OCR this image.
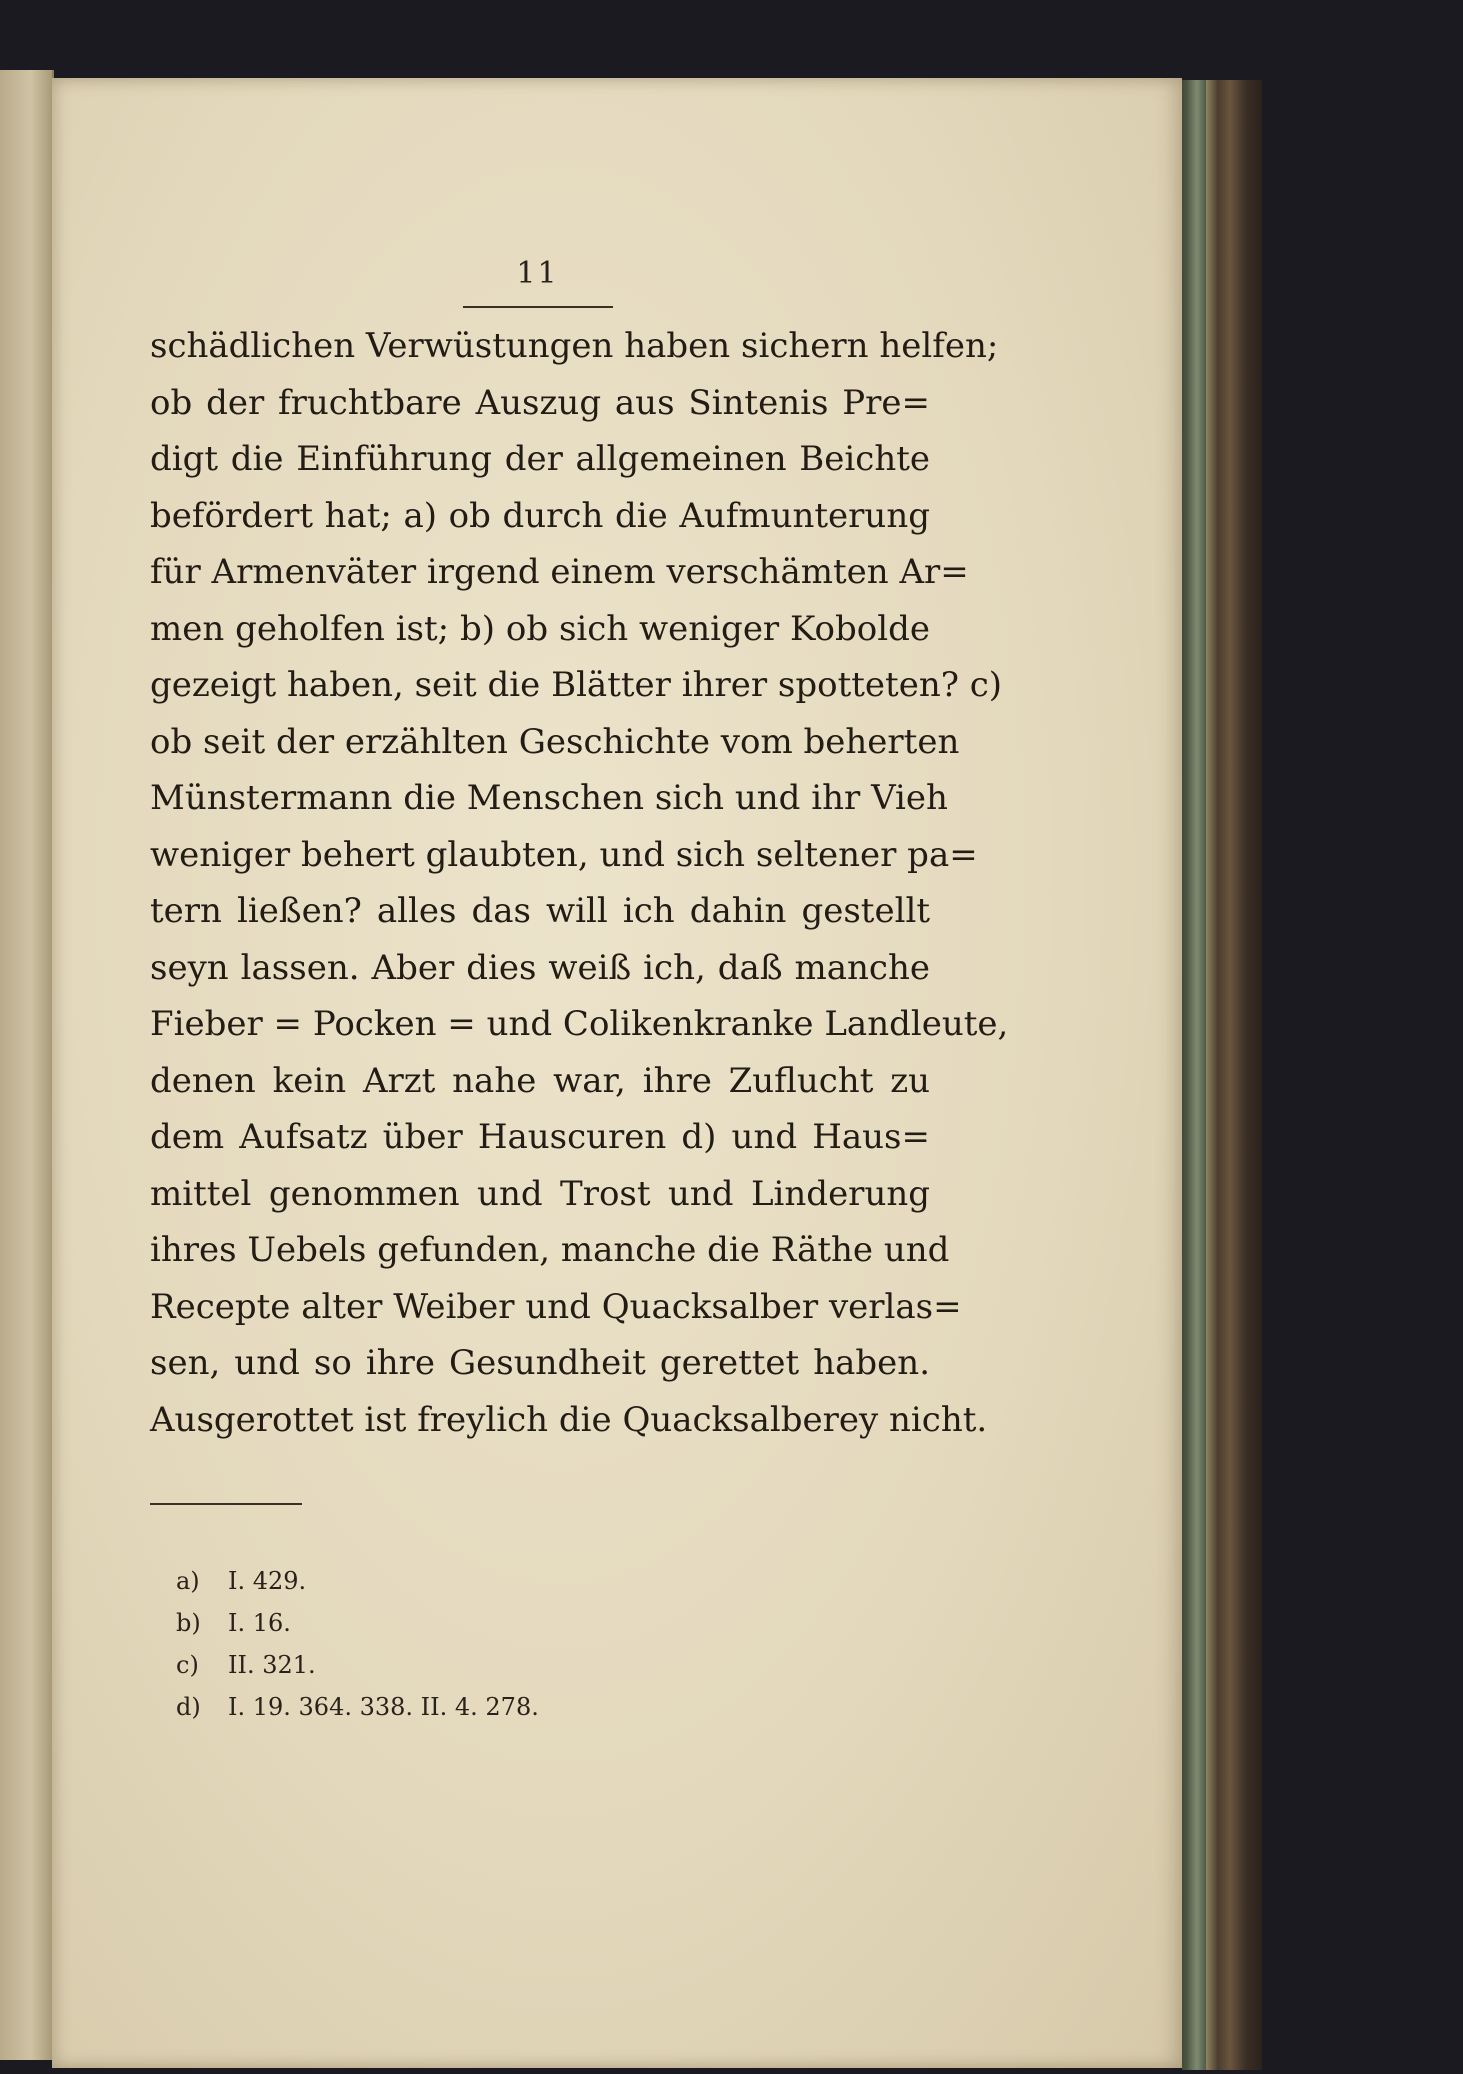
11
schädlichen Verwüstungen haben sichern helfen;
ob der fruchtbare Auszug aus Sintenis Pre=
digt die Einführung der allgemeinen Beichte
befördert hat; a) ob durch die Aufmunterung
für Armenväter irgend einem verschämten Ar=
men geholfen ist; b) ob sich weniger Kobolde
gezeigt haben, seit die Blätter ihrer spotteten? c)
ob seit der erzählten Geschichte vom beherten
Münstermann die Menschen sich und ihr Vieh
weniger behert glaubten, und sich seltener pa=
tern ließen? alles das will ich dahin gestellt
seyn lassen. Aber dies weiß ich, daß manche
Fieber = Pocken = und Colikenkranke Landleute,
denen kein Arzt nahe war, ihre Zuflucht zu
dem Aufsatz über Hauscuren d) und Haus=
mittel genommen und Trost und Linderung
ihres Uebels gefunden, manche die Räthe und
Recepte alter Weiber und Quacksalber verlas=
sen, und so ihre Gesundheit gerettet haben.
Ausgerottet ist freylich die Quacksalberey nicht.
a) I. 429.
b) I. 16.
c) II. 321.
d) I. 19. 364. 338. II. 4. 278.
